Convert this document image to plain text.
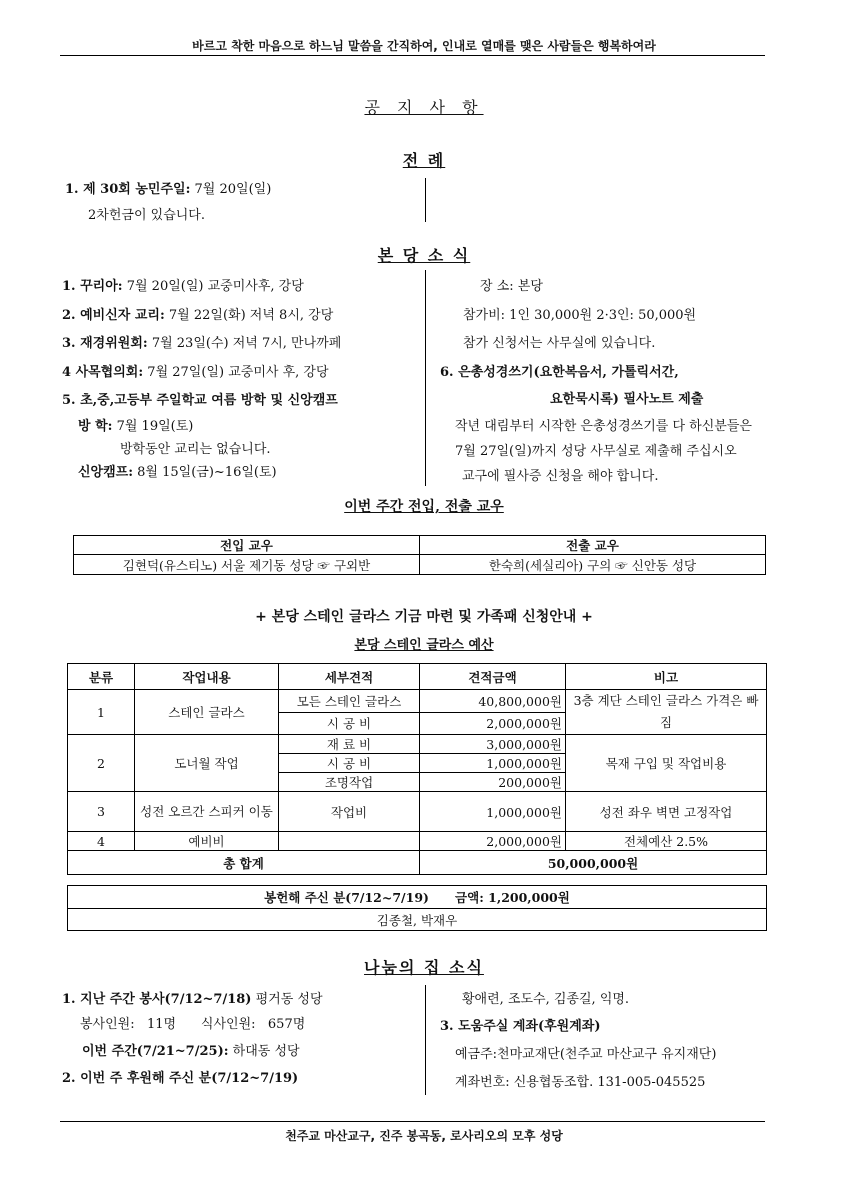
바르고 착한 마음으로 하느님 말씀을 간직하여, 인내로 열매를 맺은 사람들은 행복하여라
공 지 사 항
전 례
1. 제 30회 농민주일: 7월 20일(일)
2차헌금이 있습니다.
본 당 소 식
1. 꾸리아: 7월 20일(일) 교중미사후, 강당
2. 예비신자 교리: 7월 22일(화) 저녁 8시, 강당
3. 재경위원회: 7월 23일(수) 저녁 7시, 만나까페
4 사목협의회: 7월 27일(일) 교중미사 후, 강당
5. 초,중,고등부 주일학교 여름 방학 및 신앙캠프
방 학: 7월 19일(토)
방학동안 교리는 없습니다.
신앙캠프: 8월 15일(금)~16일(토)
장 소: 본당
참가비: 1인 30,000원 2·3인: 50,000원
참가 신청서는 사무실에 있습니다.
6. 은총성경쓰기(요한복음서, 가톨릭서간,
요한묵시록) 필사노트 제출
작년 대림부터 시작한 은총성경쓰기를 다 하신분들은
7월 27일(일)까지 성당 사무실로 제출해 주십시오
교구에 필사증 신청을 해야 합니다.
이번 주간 전입, 전출 교우
전입 교우	전출 교우
김현덕(유스티노) 서울 제기동 성당 ☞ 구외반	한숙희(세실리아) 구의 ☞ 신안동 성당
+ 본당 스테인 글라스 기금 마련 및 가족패 신청안내 +
본당 스테인 글라스 예산
분류	작업내용	세부견적	견적금액	비고
1	스테인 글라스	모든 스테인 글라스	40,800,000원	3층 계단 스테인 글라스 가격은 빠짐
		시 공 비	2,000,000원	
2	도너월 작업	재 료 비	3,000,000원	목재 구입 및 작업비용
		시 공 비	1,000,000원	
		조명작업	200,000원	
3	성전 오르간 스피커 이동	작업비	1,000,000원	성전 좌우 벽면 고정작업
4	예비비		2,000,000원	전체예산 2.5%
총 합계			50,000,000원	
봉헌해 주신 분(7/12~7/19)      금액: 1,200,000원
김종철, 박재우
나눔의 집 소식
1. 지난 주간 봉사(7/12~7/18) 평거동 성당
봉사인원:   11명      식사인원:   657명
이번 주간(7/21~7/25): 하대동 성당
2. 이번 주 후원해 주신 분(7/12~7/19)
황애련, 조도수, 김종길, 익명.
3. 도움주실 계좌(후원계좌)
예금주:천마교재단(천주교 마산교구 유지재단)
계좌번호: 신용협동조합. 131-005-045525
천주교 마산교구, 진주 봉곡동, 로사리오의 모후 성당
